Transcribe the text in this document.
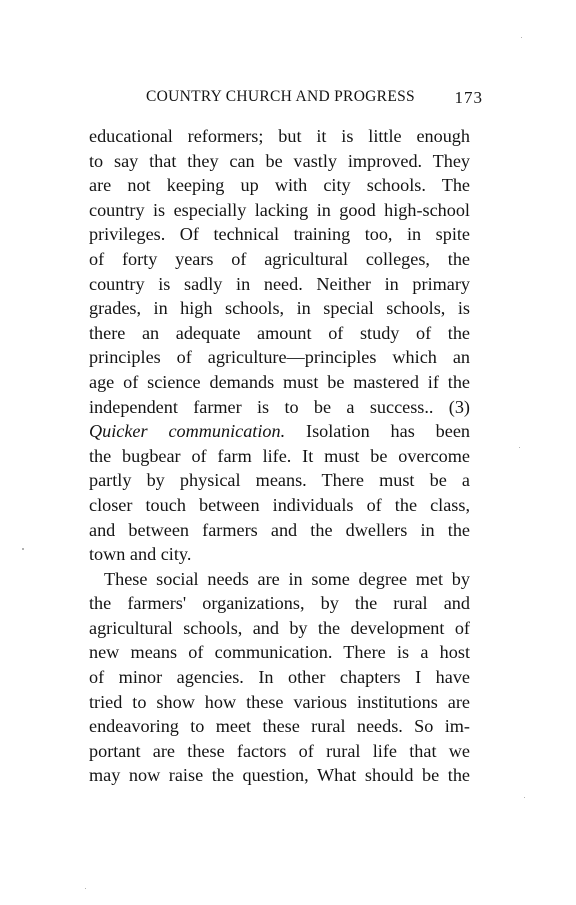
COUNTRY CHURCH AND PROGRESS 173
educational reformers; but it is little enough
to say that they can be vastly improved. They
are not keeping up with city schools. The
country is especially lacking in good high-school
privileges. Of technical training too, in spite
of forty years of agricultural colleges, the
country is sadly in need. Neither in primary
grades, in high schools, in special schools, is
there an adequate amount of study of the
principles of agriculture—principles which an
age of science demands must be mastered if the
independent farmer is to be a success.. (3)
Quicker communication. Isolation has been
the bugbear of farm life. It must be overcome
partly by physical means. There must be a
closer touch between individuals of the class,
and between farmers and the dwellers in the
town and city.
These social needs are in some degree met by
the farmers' organizations, by the rural and
agricultural schools, and by the development of
new means of communication. There is a host
of minor agencies. In other chapters I have
tried to show how these various institutions are
endeavoring to meet these rural needs. So im-
portant are these factors of rural life that we
may now raise the question, What should be the
